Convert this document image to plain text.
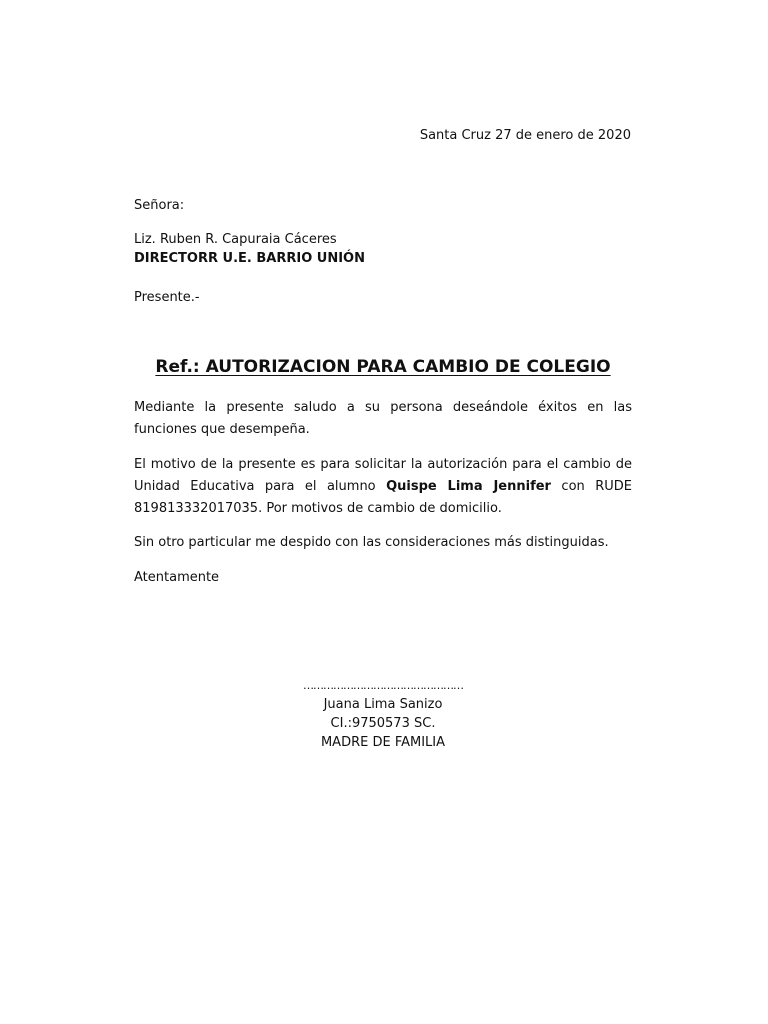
Santa Cruz 27 de enero de 2020
Señora:
Liz. Ruben R. Capuraia Cáceres
DIRECTORR U.E. BARRIO UNIÓN
Presente.-
Ref.: AUTORIZACION PARA CAMBIO DE COLEGIO
Mediante la presente saludo a su persona deseándole éxitos en las funciones que desempeña.
El motivo de la presente es para solicitar la autorización para el cambio de Unidad Educativa para el alumno Quispe Lima Jennifer con RUDE 819813332017035. Por motivos de cambio de domicilio.
Sin otro particular me despido con las consideraciones más distinguidas.
Atentamente
…………………………………………
Juana Lima Sanizo
CI.:9750573 SC.
MADRE DE FAMILIA
